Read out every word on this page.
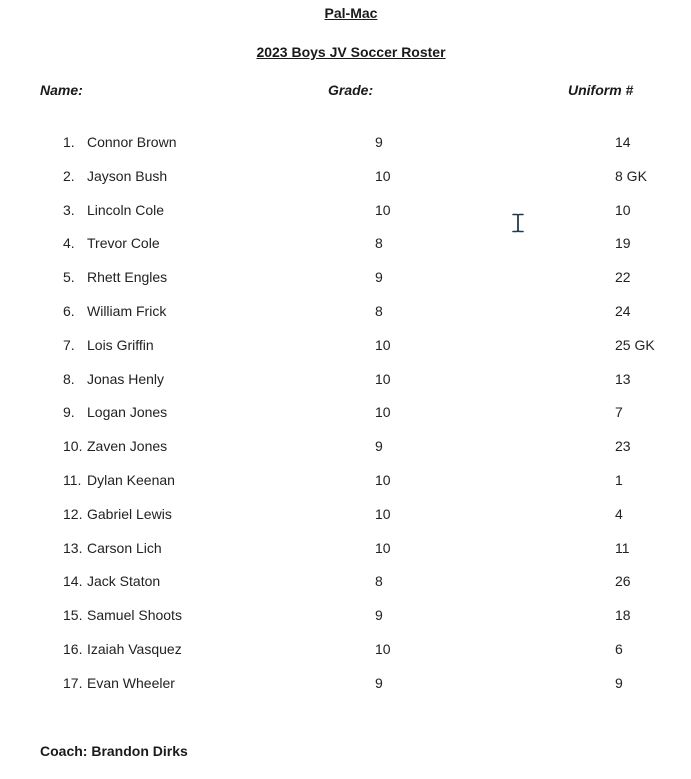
Pal-Mac
2023 Boys JV Soccer Roster
Name:	Grade:	Uniform #
1. Connor Brown	9	14
2. Jayson Bush	10	8 GK
3. Lincoln Cole	10	10
4. Trevor Cole	8	19
5. Rhett Engles	9	22
6. William Frick	8	24
7. Lois Griffin	10	25 GK
8. Jonas Henly	10	13
9. Logan Jones	10	7
10. Zaven Jones	9	23
11. Dylan Keenan	10	1
12. Gabriel Lewis	10	4
13. Carson Lich	10	11
14. Jack Staton	8	26
15. Samuel Shoots	9	18
16. Izaiah Vasquez	10	6
17. Evan Wheeler	9	9
Coach: Brandon Dirks
